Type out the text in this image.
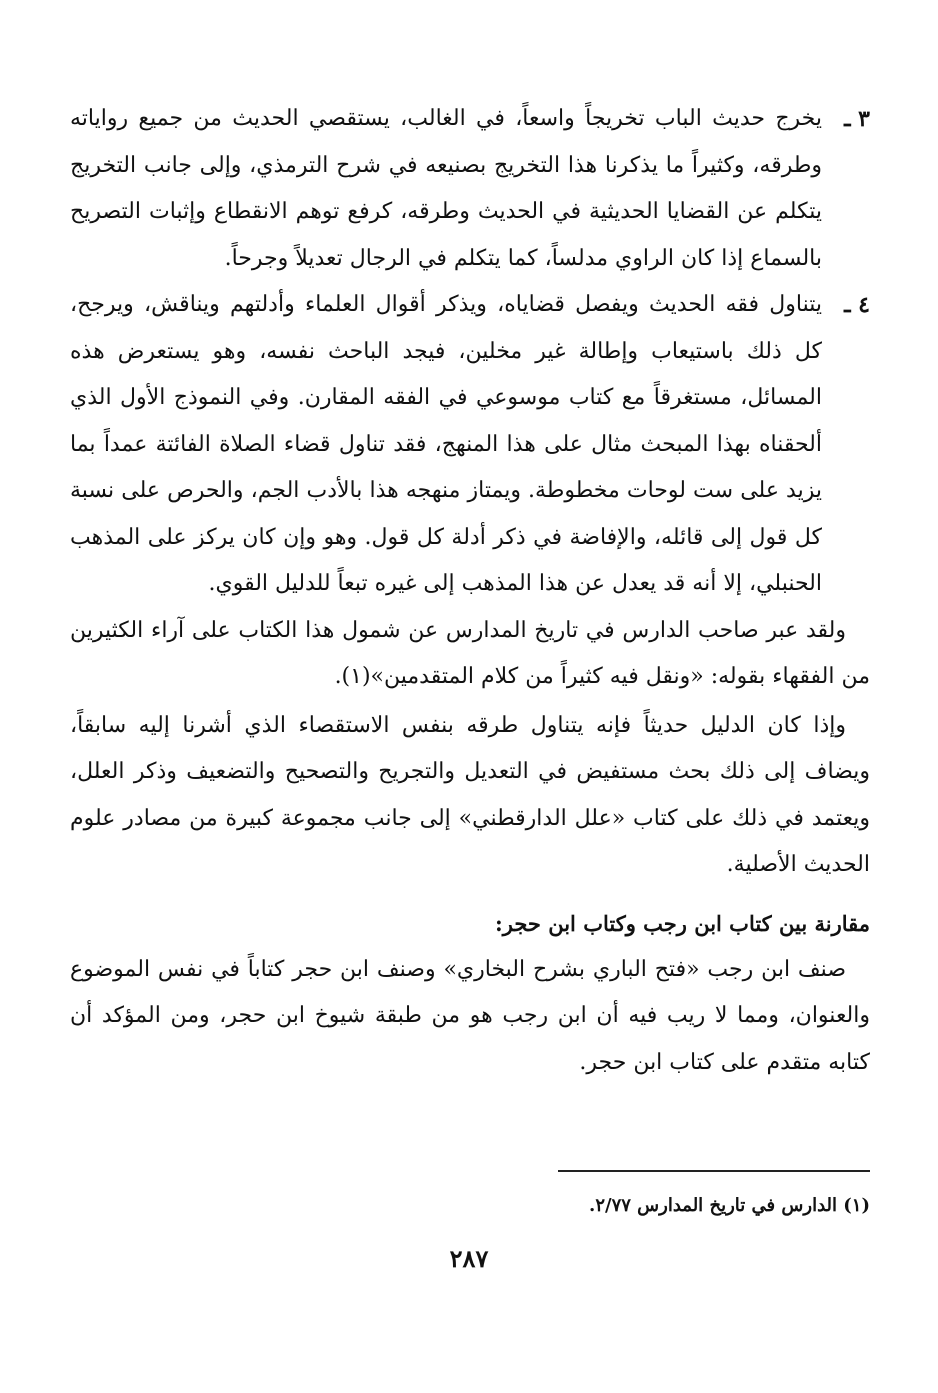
٣ ـ
يخرج حديث الباب تخريجاً واسعاً، في الغالب، يستقصي الحديث من جميع رواياته وطرقه، وكثيراً ما يذكرنا هذا التخريج بصنيعه في شرح الترمذي، وإلى جانب التخريج يتكلم عن القضايا الحديثية في الحديث وطرقه، كرفع توهم الانقطاع وإثبات التصريح بالسماع إذا كان الراوي مدلساً، كما يتكلم في الرجال تعديلاً وجرحاً.
٤ ـ
يتناول فقه الحديث ويفصل قضاياه، ويذكر أقوال العلماء وأدلتهم ويناقش، ويرجح، كل ذلك باستيعاب وإطالة غير مخلين، فيجد الباحث نفسه، وهو يستعرض هذه المسائل، مستغرقاً مع كتاب موسوعي في الفقه المقارن. وفي النموذج الأول الذي ألحقناه بهذا المبحث مثال على هذا المنهج، فقد تناول قضاء الصلاة الفائتة عمداً بما يزيد على ست لوحات مخطوطة. ويمتاز منهجه هذا بالأدب الجم، والحرص على نسبة كل قول إلى قائله، والإفاضة في ذكر أدلة كل قول. وهو وإن كان يركز على المذهب الحنبلي، إلا أنه قد يعدل عن هذا المذهب إلى غيره تبعاً للدليل القوي.
ولقد عبر صاحب الدارس في تاريخ المدارس عن شمول هذا الكتاب على آراء الكثيرين من الفقهاء بقوله: «ونقل فيه كثيراً من كلام المتقدمين»(١).
وإذا كان الدليل حديثاً فإنه يتناول طرقه بنفس الاستقصاء الذي أشرنا إليه سابقاً، ويضاف إلى ذلك بحث مستفيض في التعديل والتجريح والتصحيح والتضعيف وذكر العلل، ويعتمد في ذلك على كتاب «علل الدارقطني» إلى جانب مجموعة كبيرة من مصادر علوم الحديث الأصلية.
مقارنة بين كتاب ابن رجب وكتاب ابن حجر:
صنف ابن رجب «فتح الباري بشرح البخاري» وصنف ابن حجر كتاباً في نفس الموضوع والعنوان، ومما لا ريب فيه أن ابن رجب هو من طبقة شيوخ ابن حجر، ومن المؤكد أن كتابه متقدم على كتاب ابن حجر.
(١) الدارس في تاريخ المدارس ٢/٧٧.
٢٨٧
